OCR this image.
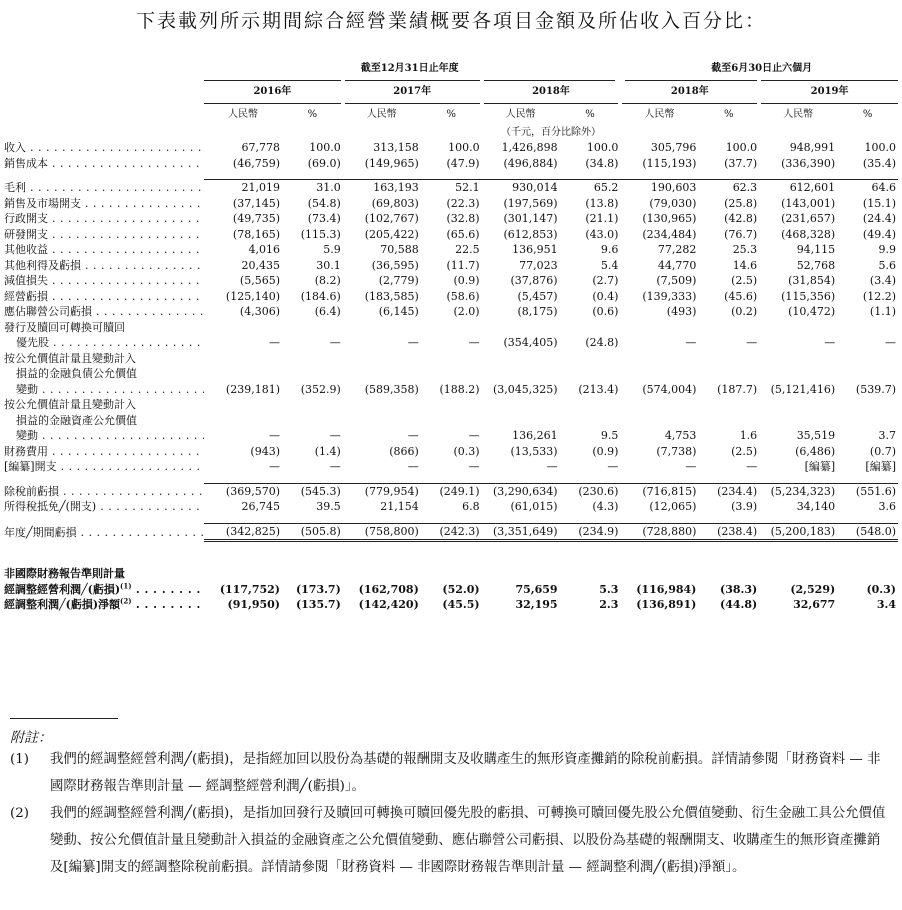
下表載列所示期間綜合經營業績概要各項目金額及所佔收入百分比：
	截至12月31日止年度						截至6月30日止六個月			
	2016年		2017年		2018年		2018年		2019年	
	人民幣	%	人民幣	%	人民幣	%	人民幣	%	人民幣	%
					（千元，百分比除外）					
收入 . . .	67,778	100.0	313,158	100.0	1,426,898	100.0	305,796	100.0	948,991	100.0
銷售成本 . . .	(46,759)	(69.0)	(149,965)	(47.9)	(496,884)	(34.8)	(115,193)	(37.7)	(336,390)	(35.4)

毛利 . . .	21,019	31.0	163,193	52.1	930,014	65.2	190,603	62.3	612,601	64.6
銷售及市場開支 . . .	(37,145)	(54.8)	(69,803)	(22.3)	(197,569)	(13.8)	(79,030)	(25.8)	(143,001)	(15.1)
行政開支 . . .	(49,735)	(73.4)	(102,767)	(32.8)	(301,147)	(21.1)	(130,965)	(42.8)	(231,657)	(24.4)
研發開支 . . .	(78,165)	(115.3)	(205,422)	(65.6)	(612,853)	(43.0)	(234,484)	(76.7)	(468,328)	(49.4)
其他收益 . . .	4,016	5.9	70,588	22.5	136,951	9.6	77,282	25.3	94,115	9.9
其他利得及虧損 . . .	20,435	30.1	(36,595)	(11.7)	77,023	5.4	44,770	14.6	52,768	5.6
減值損失 . . .	(5,565)	(8.2)	(2,779)	(0.9)	(37,876)	(2.7)	(7,509)	(2.5)	(31,854)	(3.4)
經營虧損 . . .	(125,140)	(184.6)	(183,585)	(58.6)	(5,457)	(0.4)	(139,333)	(45.6)	(115,356)	(12.2)
應佔聯營公司虧損 . . .	(4,306)	(6.4)	(6,145)	(2.0)	(8,175)	(0.6)	(493)	(0.2)	(10,472)	(1.1)
發行及贖回可轉換可贖回										
優先股 . . .	—	—	—	—	(354,405)	(24.8)	—	—	—	—
按公允價值計量且變動計入										
損益的金融負債公允價值										
變動 . . .	(239,181)	(352.9)	(589,358)	(188.2)	(3,045,325)	(213.4)	(574,004)	(187.7)	(5,121,416)	(539.7)
按公允價值計量且變動計入										
損益的金融資產公允價值										
變動 . . .	—	—	—	—	136,261	9.5	4,753	1.6	35,519	3.7
財務費用 . . .	(943)	(1.4)	(866)	(0.3)	(13,533)	(0.9)	(7,738)	(2.5)	(6,486)	(0.7)
[編纂]開支 . . .	—	—	—	—	—	—	—	—	[編纂]	[編纂]

除稅前虧損 . . .	(369,570)	(545.3)	(779,954)	(249.1)	(3,290,634)	(230.6)	(716,815)	(234.4)	(5,234,323)	(551.6)
所得稅抵免╱(開支) . . .	26,745	39.5	21,154	6.8	(61,015)	(4.3)	(12,065)	(3.9)	34,140	3.6

年度╱期間虧損 . . .	(342,825)	(505.8)	(758,800)	(242.3)	(3,351,649)	(234.9)	(728,880)	(238.4)	(5,200,183)	(548.0)

非國際財務報告準則計量										
經調整經營利潤╱(虧損)$^{(1)}$ . . .	(117,752)	(173.7)	(162,708)	(52.0)	75,659	5.3	(116,984)	(38.3)	(2,529)	(0.3)
經調整利潤╱(虧損)淨額$^{(2)}$ . . .	(91,950)	(135.7)	(142,420)	(45.5)	32,195	2.3	(136,891)	(44.8)	32,677	3.4
附註：
(1)	我們的經調整經營利潤╱(虧損)，是指經加回以股份為基礎的報酬開支及收購產生的無形資產攤銷的除稅前虧損。詳情請參閱「財務資料 — 非國際財務報告準則計量 — 經調整經營利潤╱(虧損)」。
(2)	我們的經調整經營利潤╱(虧損)，是指加回發行及贖回可轉換可贖回優先股的虧損、可轉換可贖回優先股公允價值變動、衍生金融工具公允價值變動、按公允價值計量且變動計入損益的金融資產之公允價值變動、應佔聯營公司虧損、以股份為基礎的報酬開支、收購產生的無形資產攤銷及[編纂]開支的經調整除稅前虧損。詳情請參閱「財務資料 — 非國際財務報告準則計量 — 經調整利潤╱(虧損)淨額」。
